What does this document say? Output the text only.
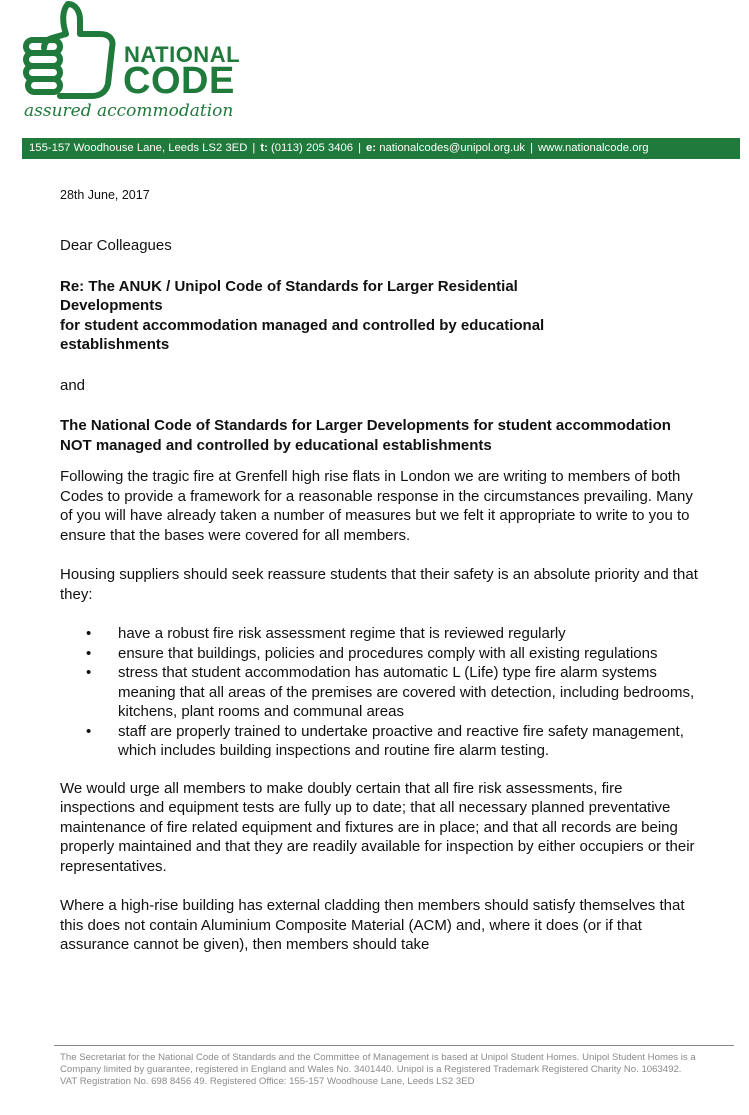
NATIONAL
CODE
assured accommodation
155-157 Woodhouse Lane, Leeds LS2 3ED | t: (0113) 205 3406 | e: nationalcodes@unipol.org.uk | www.nationalcode.org
28th June, 2017

Dear Colleagues

Re: The ANUK / Unipol Code of Standards for Larger Residential Developments

for student accommodation managed and controlled by educational establishments

and

The National Code of Standards for Larger Developments for student accommodation NOT managed and controlled by educational establishments

Following the tragic fire at Grenfell high rise flats in London we are writing to members of both Codes to provide a framework for a reasonable response in the circumstances prevailing. Many of you will have already taken a number of measures but we felt it appropriate to write to you to ensure that the bases were covered for all members.

Housing suppliers should seek reassure students that their safety is an absolute priority and that they:

• have a robust fire risk assessment regime that is reviewed regularly
• ensure that buildings, policies and procedures comply with all existing regulations
• stress that student accommodation has automatic L (Life) type fire alarm systems meaning that all areas of the premises are covered with detection, including bedrooms, kitchens, plant rooms and communal areas
• staff are properly trained to undertake proactive and reactive fire safety management, which includes building inspections and routine fire alarm testing.

We would urge all members to make doubly certain that all fire risk assessments, fire inspections and equipment tests are fully up to date; that all necessary planned preventative maintenance of fire related equipment and fixtures are in place; and that all records are being properly maintained and that they are readily available for inspection by either occupiers or their representatives.

Where a high-rise building has external cladding then members should satisfy themselves that this does not contain Aluminium Composite Material (ACM) and, where it does (or if that assurance cannot be given), then members should take

The Secretariat for the National Code of Standards and the Committee of Management is based at Unipol Student Homes. Unipol Student Homes is a Company limited by guarantee, registered in England and Wales No. 3401440. Unipol is a Registered Trademark Registered Charity No. 1063492. VAT Registration No. 698 8456 49. Registered Office: 155-157 Woodhouse Lane, Leeds LS2 3ED
